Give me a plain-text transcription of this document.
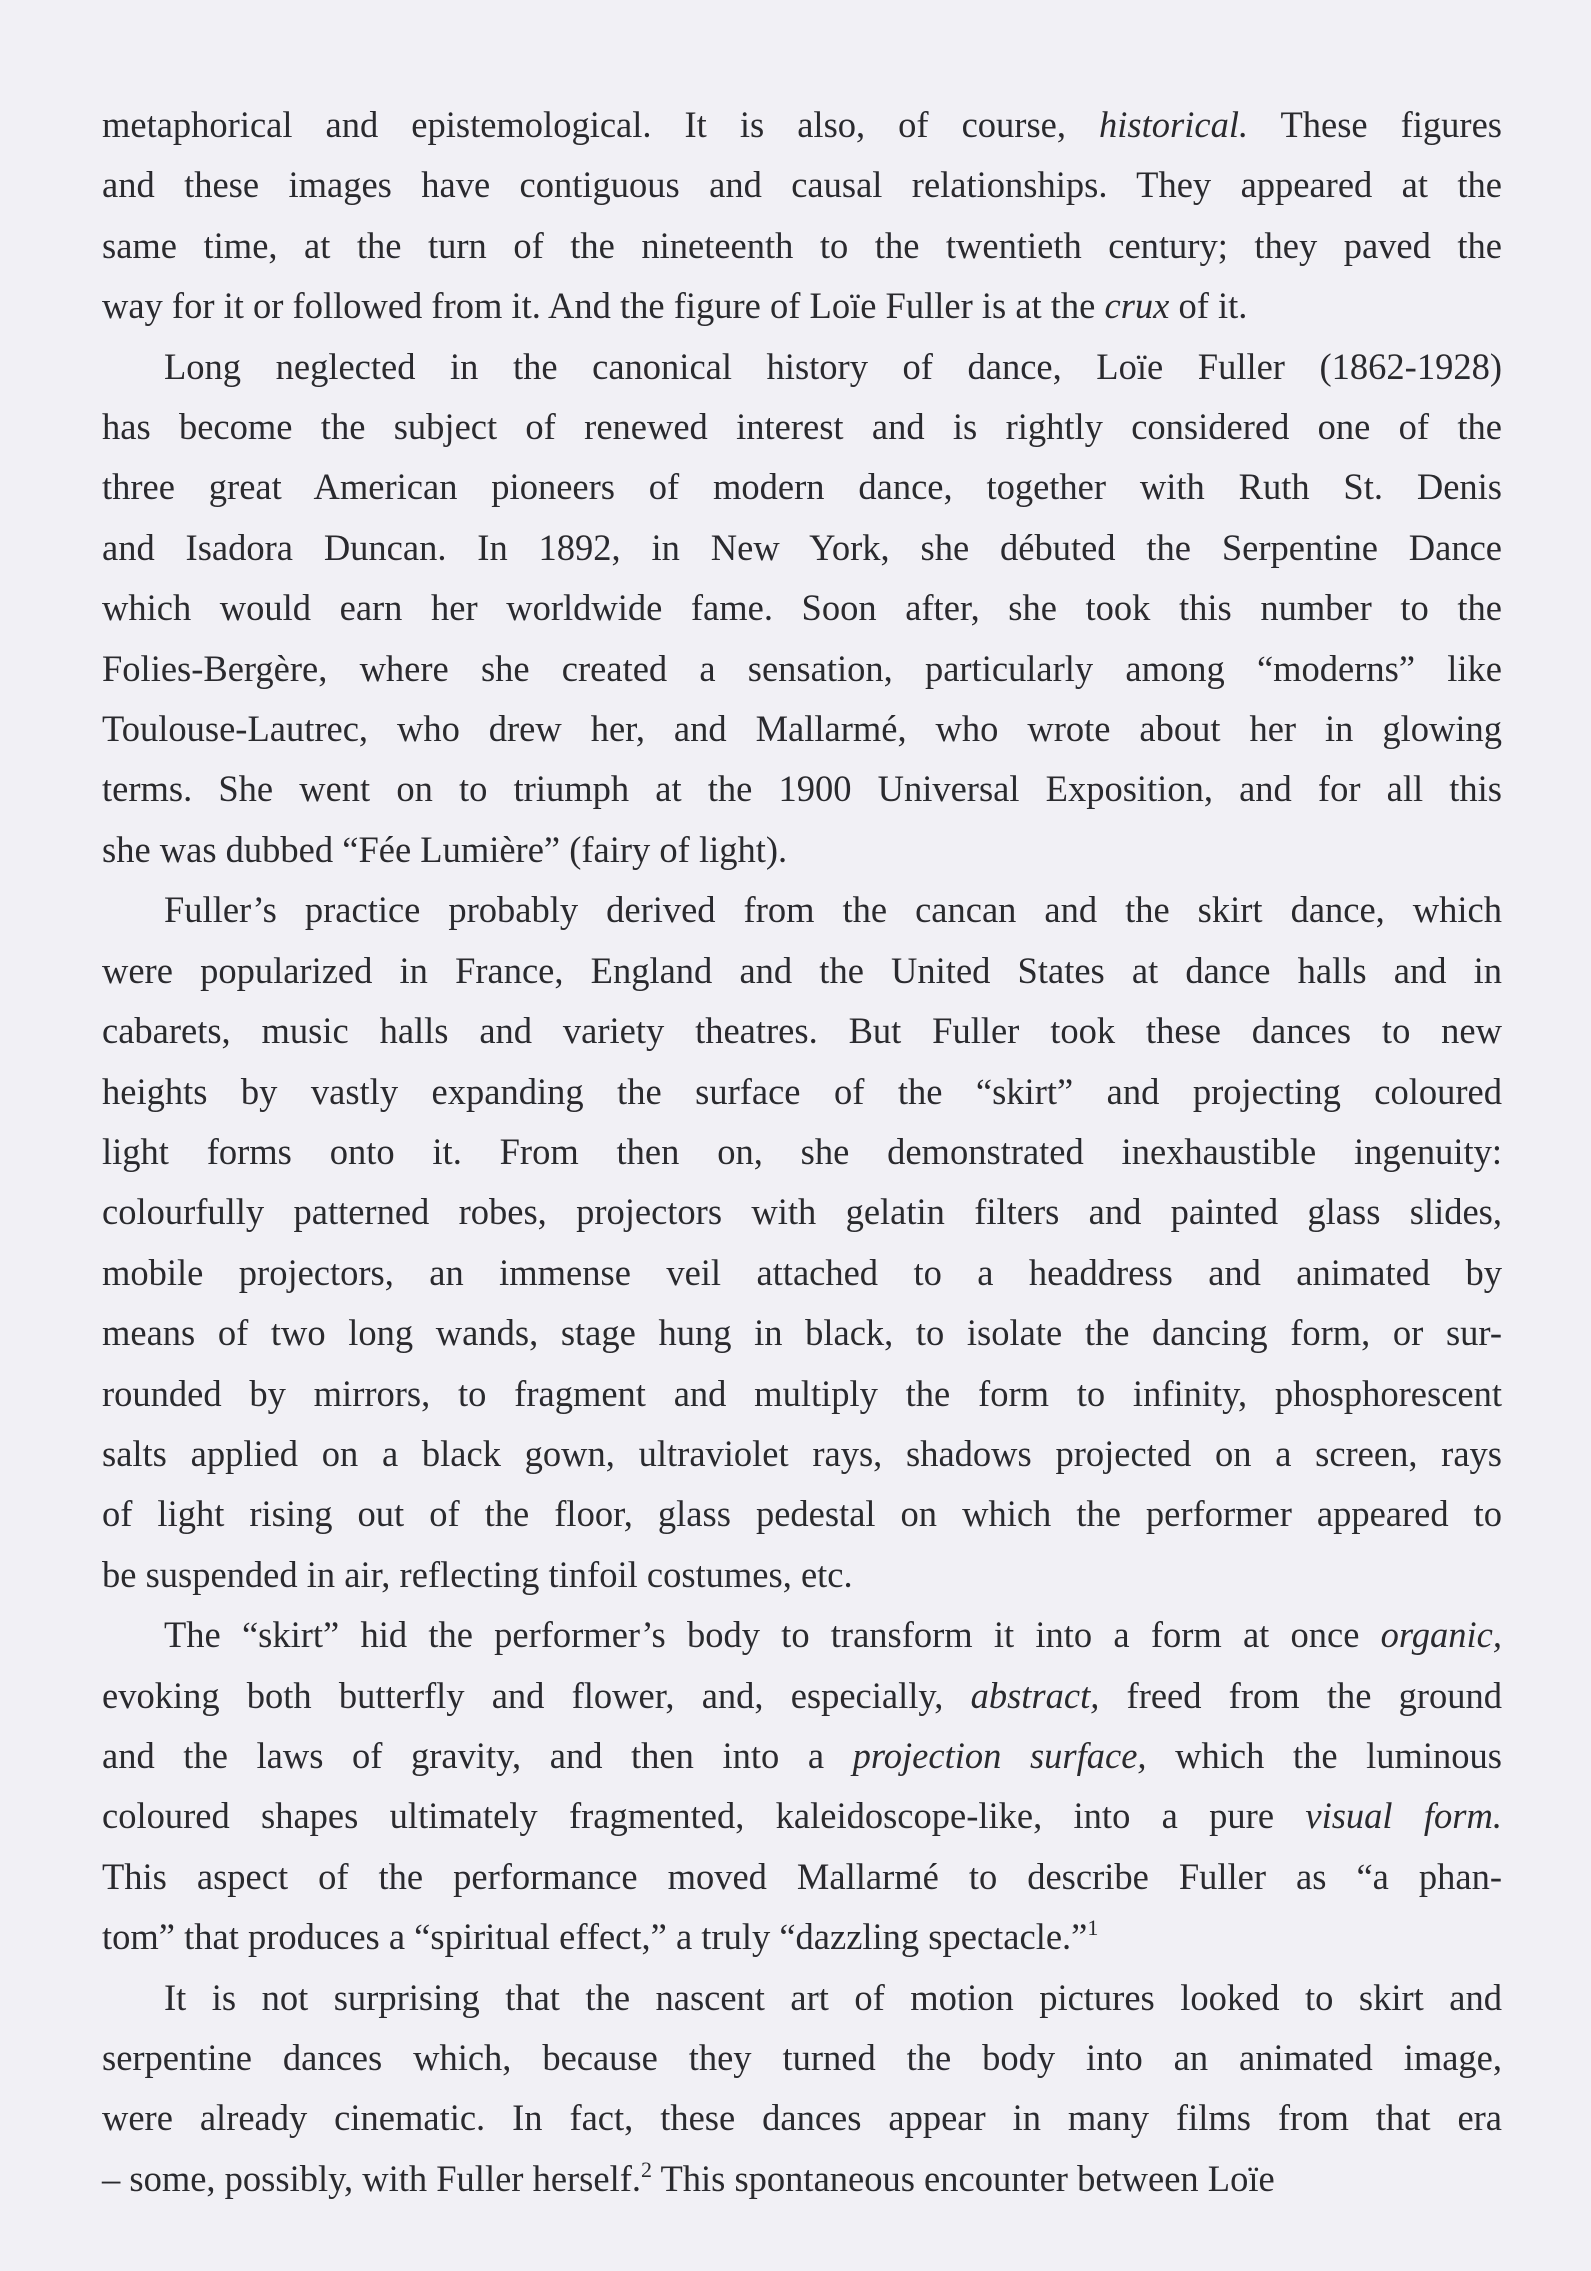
metaphorical and epistemological. It is also, of course, historical. These figures

and these images have contiguous and causal relationships. They appeared at the

same time, at the turn of the nineteenth to the twentieth century; they paved the

way for it or followed from it. And the figure of Loïe Fuller is at the crux of it.

Long neglected in the canonical history of dance, Loïe Fuller (1862-1928)

has become the subject of renewed interest and is rightly considered one of the

three great American pioneers of modern dance, together with Ruth St. Denis

and Isadora Duncan. In 1892, in New York, she débuted the Serpentine Dance

which would earn her worldwide fame. Soon after, she took this number to the

Folies-Bergère, where she created a sensation, particularly among “moderns” like

Toulouse-Lautrec, who drew her, and Mallarmé, who wrote about her in glowing

terms. She went on to triumph at the 1900 Universal Exposition, and for all this

she was dubbed “Fée Lumière” (fairy of light).

Fuller’s practice probably derived from the cancan and the skirt dance, which

were popularized in France, England and the United States at dance halls and in

cabarets, music halls and variety theatres. But Fuller took these dances to new

heights by vastly expanding the surface of the “skirt” and projecting coloured

light forms onto it. From then on, she demonstrated inexhaustible ingenuity:

colourfully patterned robes, projectors with gelatin filters and painted glass slides,

mobile projectors, an immense veil attached to a headdress and animated by

means of two long wands, stage hung in black, to isolate the dancing form, or sur-

rounded by mirrors, to fragment and multiply the form to infinity, phosphorescent

salts applied on a black gown, ultraviolet rays, shadows projected on a screen, rays

of light rising out of the floor, glass pedestal on which the performer appeared to

be suspended in air, reflecting tinfoil costumes, etc.

The “skirt” hid the performer’s body to transform it into a form at once organic,

evoking both butterfly and flower, and, especially, abstract, freed from the ground

and the laws of gravity, and then into a projection surface, which the luminous

coloured shapes ultimately fragmented, kaleidoscope-like, into a pure visual form.

This aspect of the performance moved Mallarmé to describe Fuller as “a phan-

tom” that produces a “spiritual effect,” a truly “dazzling spectacle.”$^1$

It is not surprising that the nascent art of motion pictures looked to skirt and

serpentine dances which, because they turned the body into an animated image,

were already cinematic. In fact, these dances appear in many films from that era

– some, possibly, with Fuller herself.$^2$ This spontaneous encounter between Loïe
